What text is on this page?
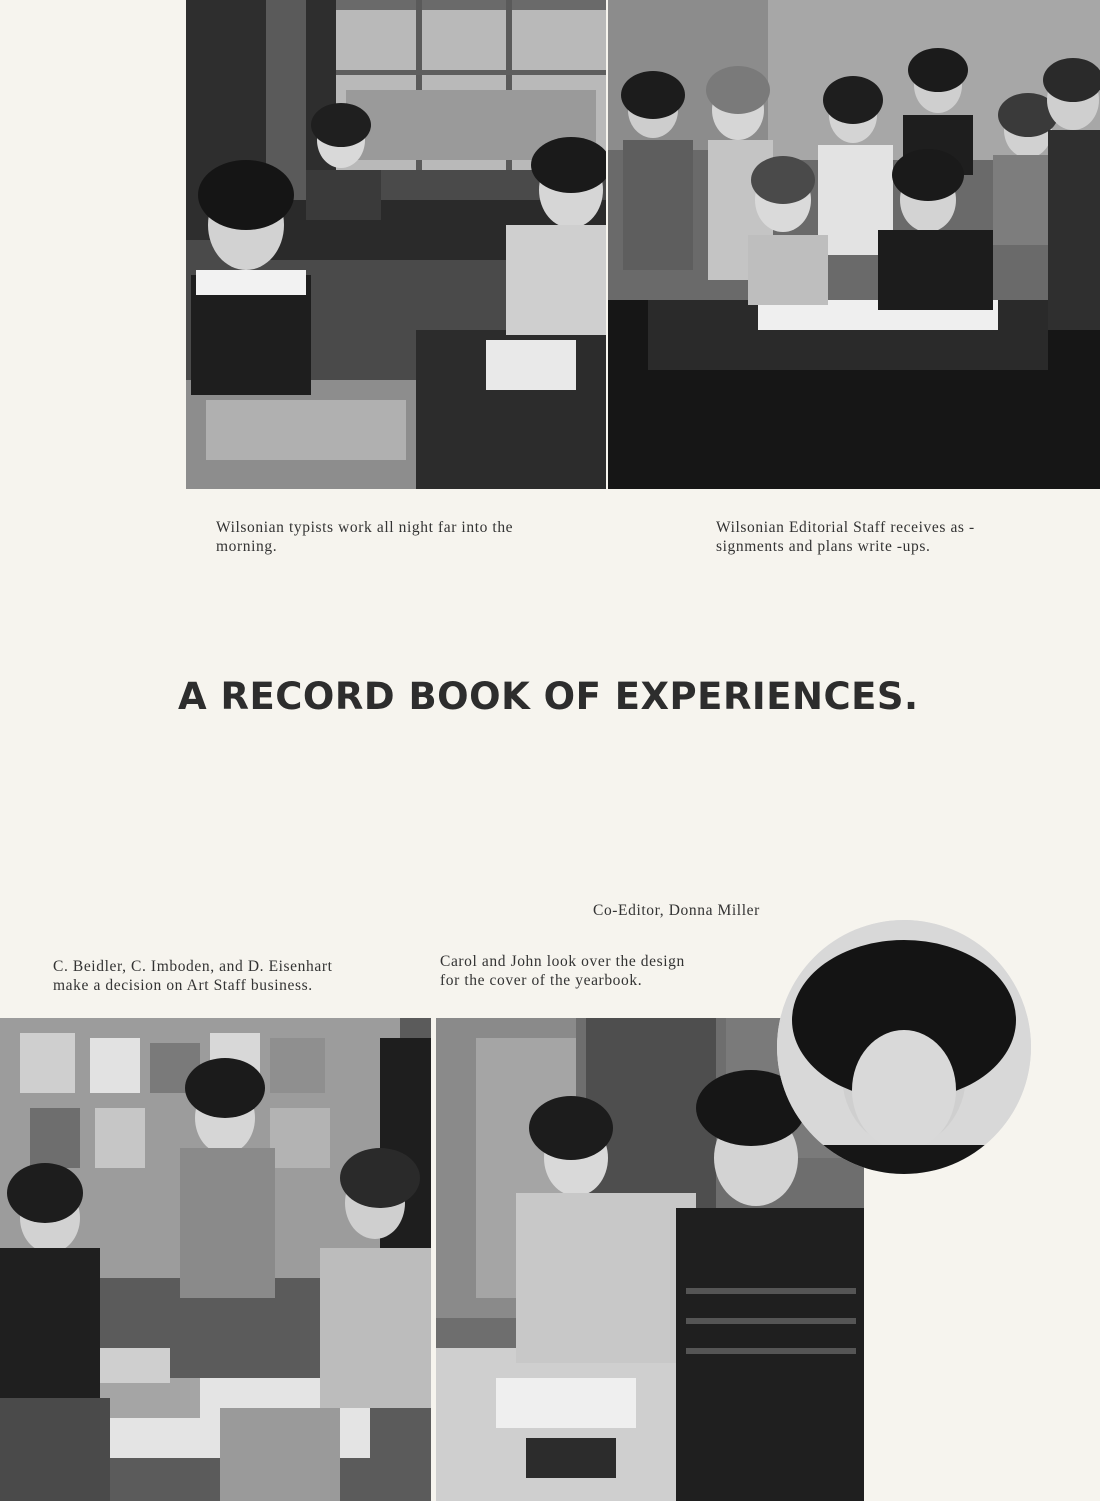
Wilsonian typists work all night far into the
morning.

Wilsonian Editorial Staff receives as -
signments and plans write -ups.

A RECORD BOOK OF EXPERIENCES.

Co-Editor, Donna Miller

C. Beidler, C. Imboden, and D. Eisenhart
make a decision on Art Staff business.

Carol and John look over the design
for the cover of the yearbook.
